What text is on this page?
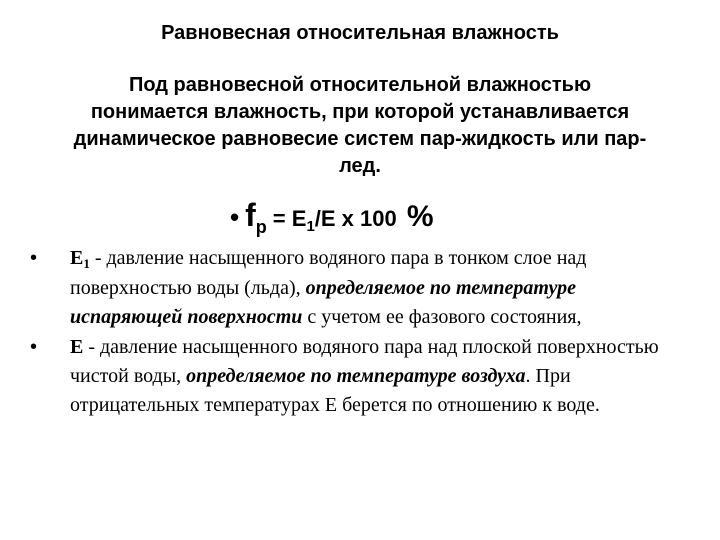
Равновесная относительная влажность
Под равновесной относительной влажностью понимается влажность, при которой устанавливается динамическое равновесие систем пар-жидкость или пар-лед.
• $f_p = E_1/E$ x 100 %
•	$E_1$ - давление насыщенного водяного пара в тонком слое над поверхностью воды (льда), определяемое по температуре испаряющей поверхности с учетом ее фазового состояния,
•	E - давление насыщенного водяного пара над плоской поверхностью чистой воды, определяемое по температуре воздуха. При отрицательных температурах Е берется по отношению к воде.
